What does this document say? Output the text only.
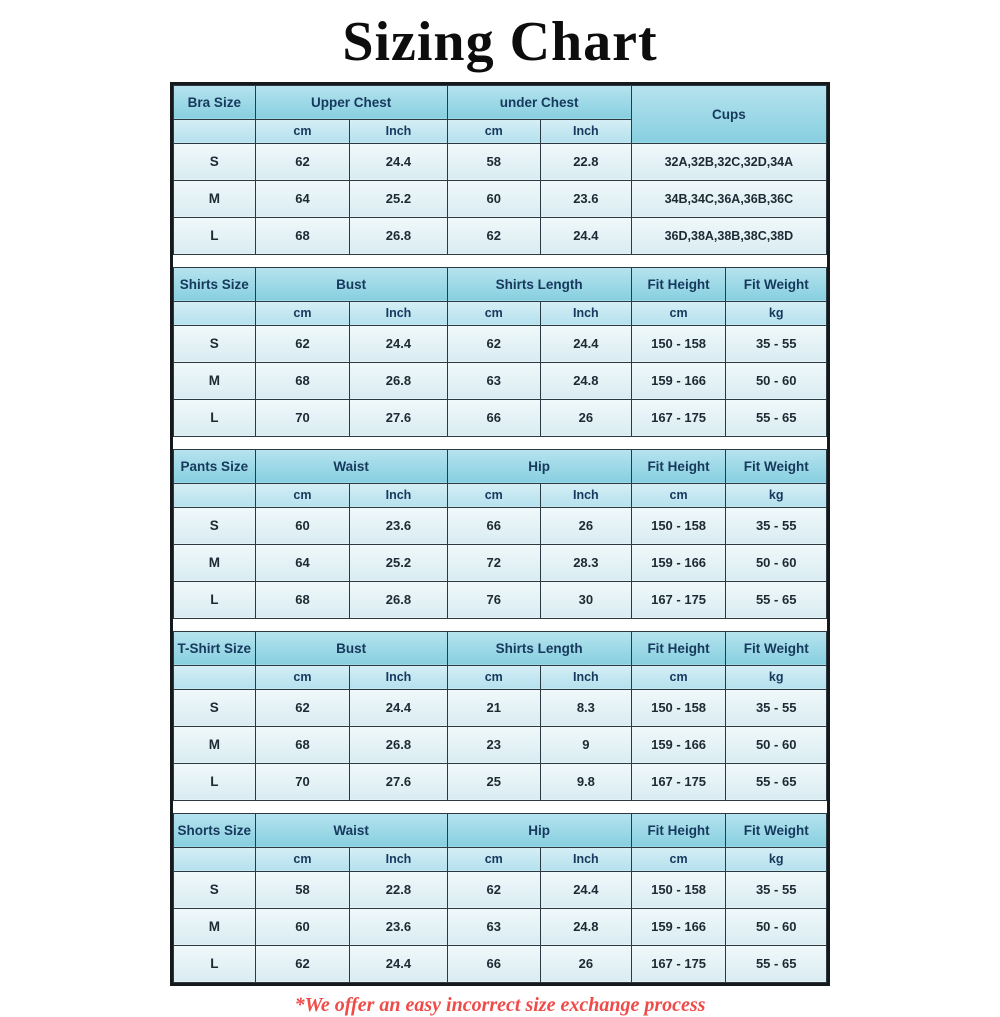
Sizing Chart
Bra Size	Upper Chest		under Chest		Cups
	cm	Inch	cm	Inch	
S	62	24.4	58	22.8	32A,32B,32C,32D,34A
M	64	25.2	60	23.6	34B,34C,36A,36B,36C
L	68	26.8	62	24.4	36D,38A,38B,38C,38D
Shirts Size	Bust		Shirts Length		Fit Height	Fit Weight
	cm	Inch	cm	Inch	cm	kg
S	62	24.4	62	24.4	150 - 158	35 - 55
M	68	26.8	63	24.8	159 - 166	50 - 60
L	70	27.6	66	26	167 - 175	55 - 65
Pants Size	Waist		Hip		Fit Height	Fit Weight
	cm	Inch	cm	Inch	cm	kg
S	60	23.6	66	26	150 - 158	35 - 55
M	64	25.2	72	28.3	159 - 166	50 - 60
L	68	26.8	76	30	167 - 175	55 - 65
T-Shirt Size	Bust		Shirts Length		Fit Height	Fit Weight
	cm	Inch	cm	Inch	cm	kg
S	62	24.4	21	8.3	150 - 158	35 - 55
M	68	26.8	23	9	159 - 166	50 - 60
L	70	27.6	25	9.8	167 - 175	55 - 65
Shorts Size	Waist		Hip		Fit Height	Fit Weight
	cm	Inch	cm	Inch	cm	kg
S	58	22.8	62	24.4	150 - 158	35 - 55
M	60	23.6	63	24.8	159 - 166	50 - 60
L	62	24.4	66	26	167 - 175	55 - 65
*We offer an easy incorrect size exchange process
